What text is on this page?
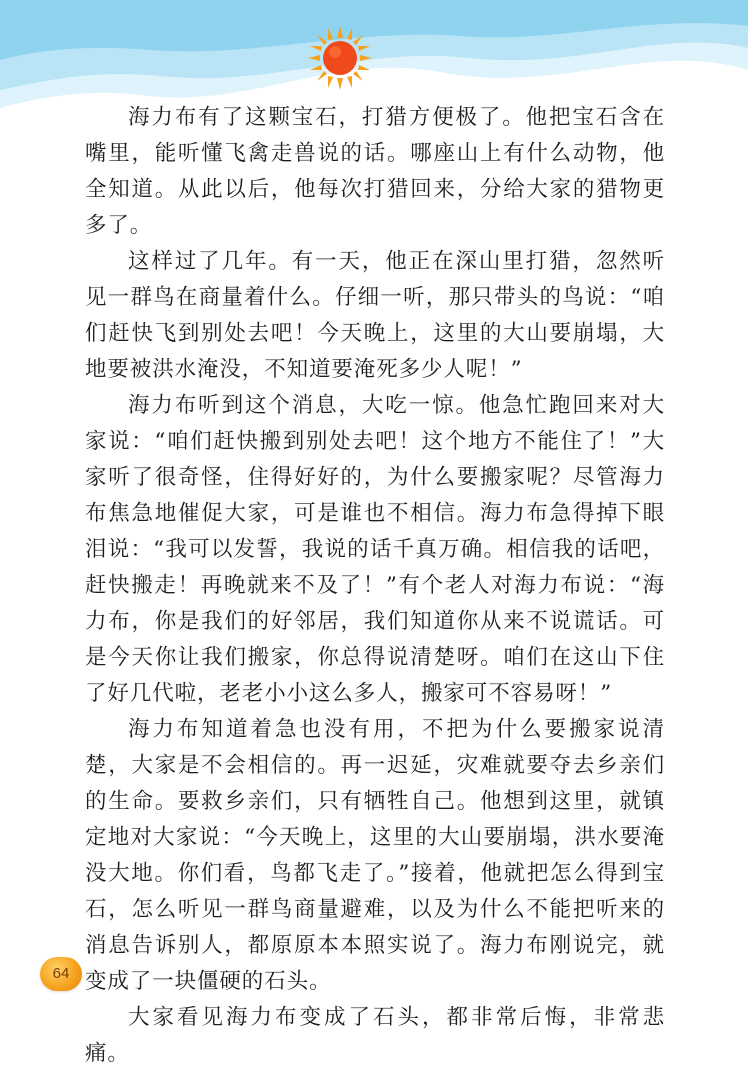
海力布有了这颗宝石，打猎方便极了。他把宝石含在嘴里，能听懂飞禽走兽说的话。哪座山上有什么动物，他全知道。从此以后，他每次打猎回来，分给大家的猎物更多了。

这样过了几年。有一天，他正在深山里打猎，忽然听见一群鸟在商量着什么。仔细一听，那只带头的鸟说：“咱们赶快飞到别处去吧！今天晚上，这里的大山要崩塌，大地要被洪水淹没，不知道要淹死多少人呢！”

海力布听到这个消息，大吃一惊。他急忙跑回来对大家说：“咱们赶快搬到别处去吧！这个地方不能住了！”大家听了很奇怪，住得好好的，为什么要搬家呢？尽管海力布焦急地催促大家，可是谁也不相信。海力布急得掉下眼泪说：“我可以发誓，我说的话千真万确。相信我的话吧，赶快搬走！再晚就来不及了！”有个老人对海力布说：“海力布，你是我们的好邻居，我们知道你从来不说谎话。可是今天你让我们搬家，你总得说清楚呀。咱们在这山下住了好几代啦，老老小小这么多人，搬家可不容易呀！”

海力布知道着急也没有用，不把为什么要搬家说清楚，大家是不会相信的。再一迟延，灾难就要夺去乡亲们的生命。要救乡亲们，只有牺牲自己。他想到这里，就镇定地对大家说：“今天晚上，这里的大山要崩塌，洪水要淹没大地。你们看，鸟都飞走了。”接着，他就把怎么得到宝石，怎么听见一群鸟商量避难，以及为什么不能把听来的消息告诉别人，都原原本本照实说了。海力布刚说完，就变成了一块僵硬的石头。

大家看见海力布变成了石头，都非常后悔，非常悲痛。

64
